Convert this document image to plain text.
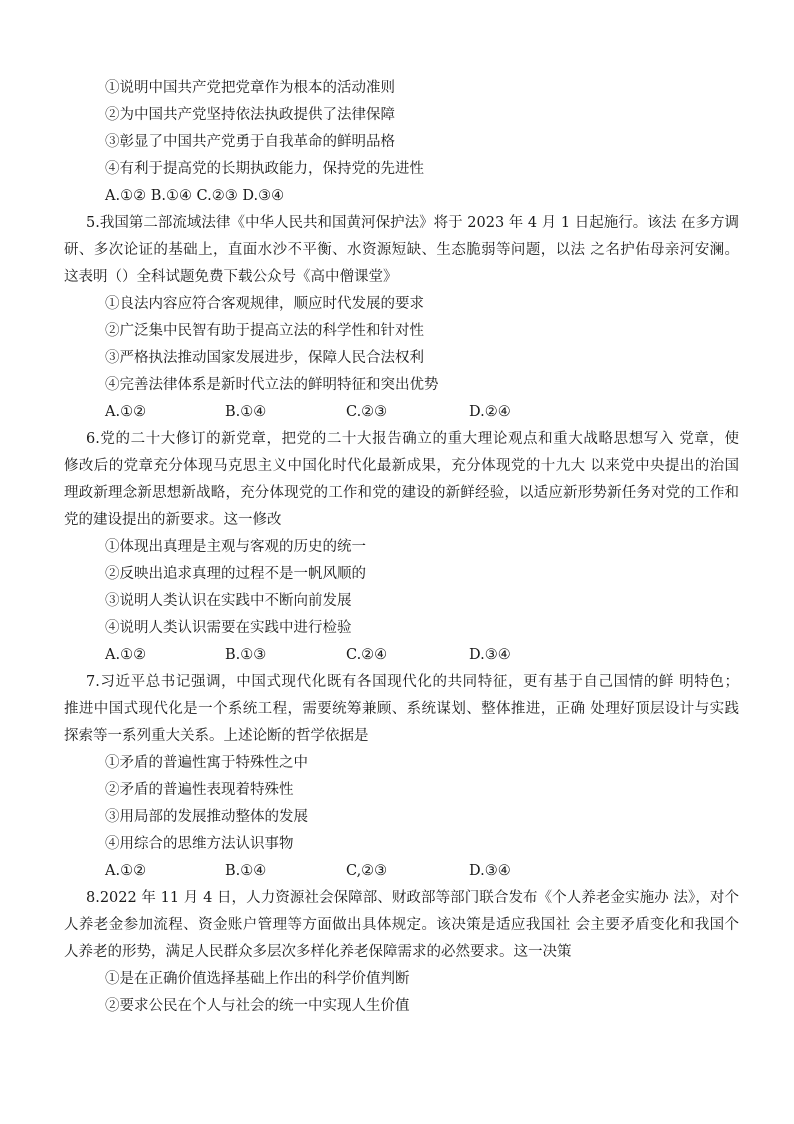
①说明中国共产党把党章作为根本的活动准则
②为中国共产党坚持依法执政提供了法律保障
③彰显了中国共产党勇于自我革命的鲜明品格
④有利于提高党的长期执政能力，保持党的先进性
A.①② B.①④ C.②③ D.③④
5.我国第二部流域法律《中华人民共和国黄河保护法》将于 2023 年 4 月 1 日起施行。该法 在多方调
研、多次论证的基础上，直面水沙不平衡、水资源短缺、生态脆弱等问题，以法 之名护佑母亲河安澜。
这表明（）全科试题免费下载公众号《高中僧课堂》
①良法内容应符合客观规律，顺应时代发展的要求
②广泛集中民智有助于提高立法的科学性和针对性
③严格执法推动国家发展进步，保障人民合法权利
④完善法律体系是新时代立法的鲜明特征和突出优势
A.①②	B.①④	C.②③	D.②④
6.党的二十大修订的新党章，把党的二十大报告确立的重大理论观点和重大战略思想写入 党章，使
修改后的党章充分体现马克思主义中国化时代化最新成果，充分体现党的十九大 以来党中央提出的治国
理政新理念新思想新战略，充分体现党的工作和党的建设的新鲜经验，以适应新形势新任务对党的工作和
党的建设提出的新要求。这一修改
①体现出真理是主观与客观的历史的统一
②反映出追求真理的过程不是一帆风顺的
③说明人类认识在实践中不断向前发展
④说明人类认识需要在实践中进行检验
A.①②	B.①③	C.②④	D.③④
7.习近平总书记强调，中国式现代化既有各国现代化的共同特征，更有基于自己国情的鲜 明特色；
推进中国式现代化是一个系统工程，需要统筹兼顾、系统谋划、整体推进，正确 处理好顶层设计与实践
探索等一系列重大关系。上述论断的哲学依据是
①矛盾的普遍性寓于特殊性之中
②矛盾的普遍性表现着特殊性
③用局部的发展推动整体的发展
④用综合的思维方法认识事物
A.①②	B.①④	C,②③	D.③④
8.2022 年 11 月 4 日，人力资源社会保障部、财政部等部门联合发布《个人养老金实施办 法》，对个
人养老金参加流程、资金账户管理等方面做出具体规定。该决策是适应我国社 会主要矛盾变化和我国个
人养老的形势，满足人民群众多层次多样化养老保障需求的必然要求。这一决策
①是在正确价值选择基础上作出的科学价值判断
②要求公民在个人与社会的统一中实现人生价值
